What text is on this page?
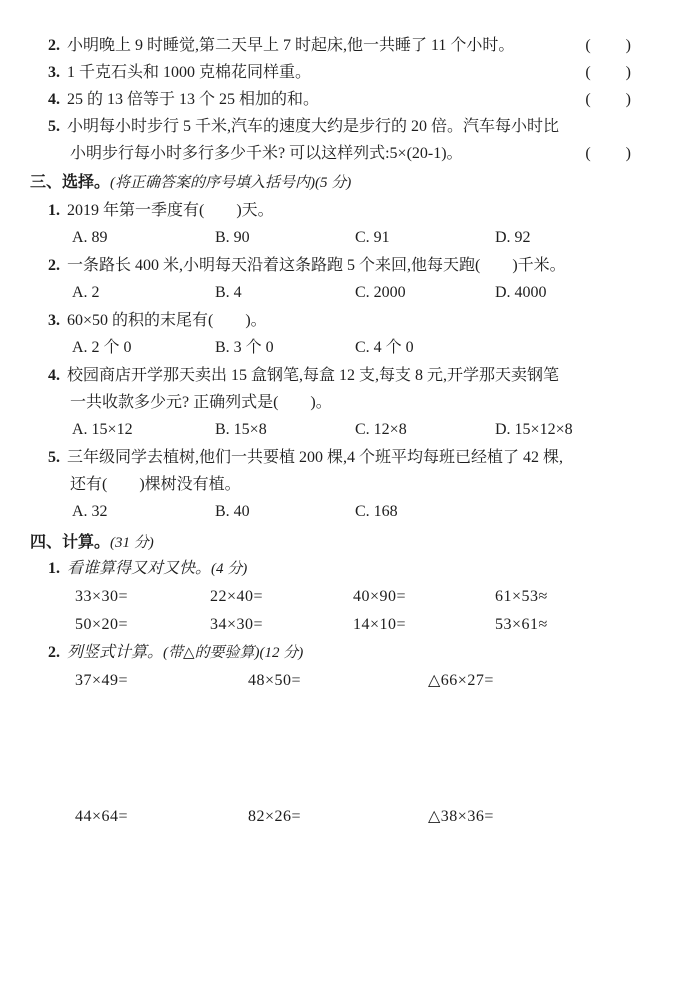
2. 小明晚上 9 时睡觉,第二天早上 7 时起床,他一共睡了 11 个小时。	(　　)
3. 1 千克石头和 1000 克棉花同样重。	(　　)
4. 25 的 13 倍等于 13 个 25 相加的和。	(　　)
5. 小明每小时步行 5 千米,汽车的速度大约是步行的 20 倍。汽车每小时比
小明步行每小时多行多少千米? 可以这样列式:5×(20-1)。	(　　)
三、选择。(将正确答案的序号填入括号内)(5 分)
1. 2019 年第一季度有(　　)天。
A. 89	B. 90	C. 91	D. 92
2. 一条路长 400 米,小明每天沿着这条路跑 5 个来回,他每天跑(　　)千米。
A. 2	B. 4	C. 2000	D. 4000
3. 60×50 的积的末尾有(　　)。
A. 2 个 0	B. 3 个 0	C. 4 个 0
4. 校园商店开学那天卖出 15 盒钢笔,每盒 12 支,每支 8 元,开学那天卖钢笔
一共收款多少元? 正确列式是(　　)。
A. 15×12	B. 15×8	C. 12×8	D. 15×12×8
5. 三年级同学去植树,他们一共要植 200 棵,4 个班平均每班已经植了 42 棵,
还有(　　)棵树没有植。
A. 32	B. 40	C. 168
四、计算。(31 分)
1. 看谁算得又对又快。(4 分)
33×30=	22×40=	40×90=	61×53≈
50×20=	34×30=	14×10=	53×61≈
2. 列竖式计算。(带△的要验算)(12 分)
37×49=	48×50=	△66×27=
44×64=	82×26=	△38×36=
